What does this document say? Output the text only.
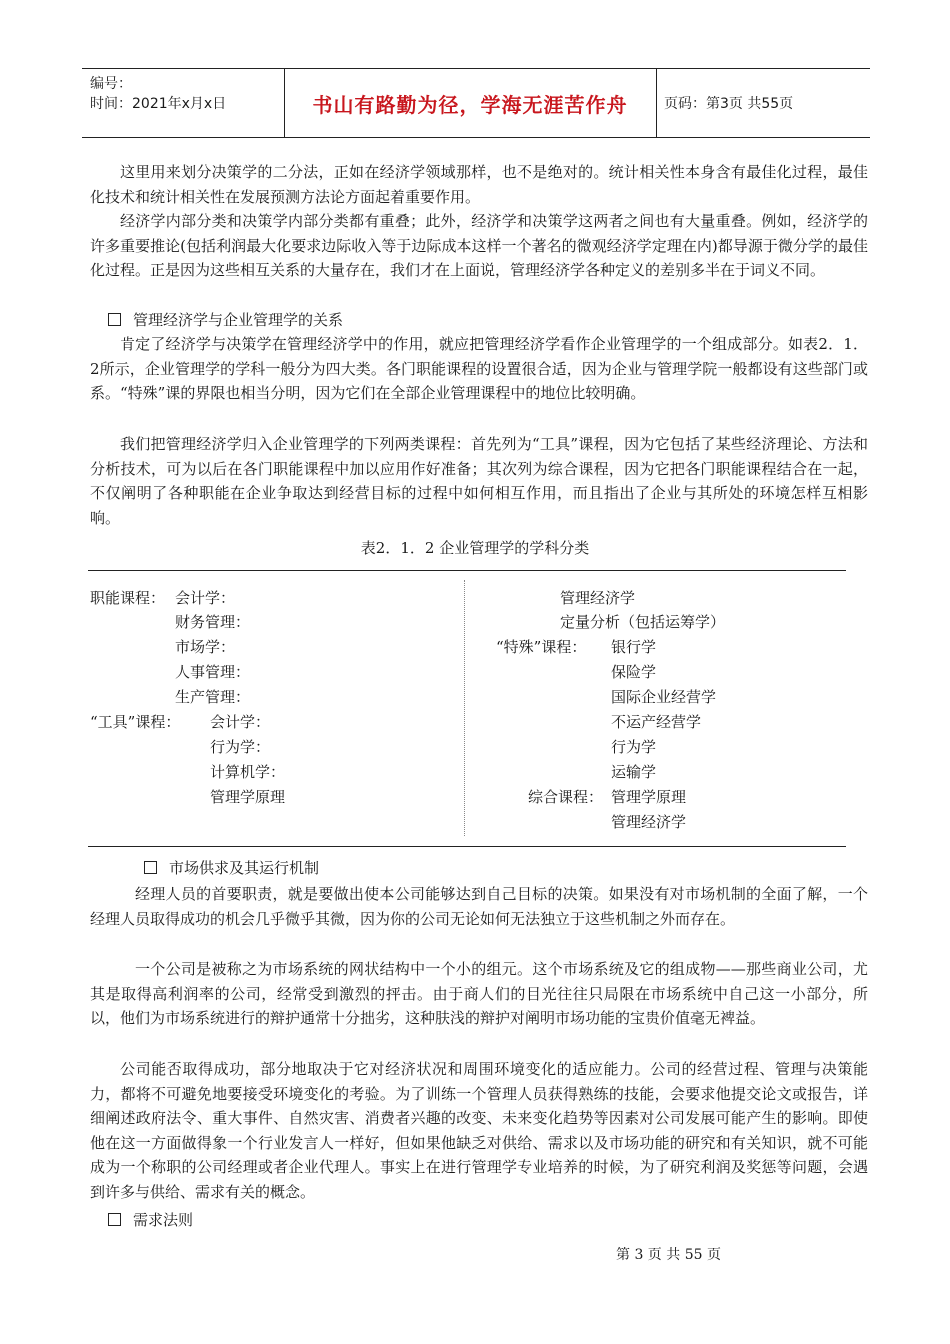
编号：
时间：2021年x月x日	书山有路勤为径，学海无涯苦作舟	页码：第3页 共55页

这里用来划分决策学的二分法，正如在经济学领域那样，也不是绝对的。统计相关性本身含有最佳化过程，最佳化技术和统计相关性在发展预测方法论方面起着重要作用。

经济学内部分类和决策学内部分类都有重叠；此外，经济学和决策学这两者之间也有大量重叠。例如，经济学的许多重要推论(包括利润最大化要求边际收入等于边际成本这样一个著名的微观经济学定理在内)都导源于微分学的最佳化过程。正是因为这些相互关系的大量存在，我们才在上面说，管理经济学各种定义的差别多半在于词义不同。

管理经济学与企业管理学的关系

肯定了经济学与决策学在管理经济学中的作用，就应把管理经济学看作企业管理学的一个组成部分。如表2．1．2所示，企业管理学的学科一般分为四大类。各门职能课程的设置很合适，因为企业与管理学院一般都设有这些部门或系。“特殊”课的界限也相当分明，因为它们在全部企业管理课程中的地位比较明确。

我们把管理经济学归入企业管理学的下列两类课程：首先列为“工具”课程，因为它包括了某些经济理论、方法和分析技术，可为以后在各门职能课程中加以应用作好准备；其次列为综合课程，因为它把各门职能课程结合在一起，不仅阐明了各种职能在企业争取达到经营目标的过程中如何相互作用，而且指出了企业与其所处的环境怎样互相影响。

表2．1．2 企业管理学的学科分类
职能课程： 会计学：
财务管理：
市场学：
人事管理：
生产管理：
“工具”课程： 会计学：
行为学：
计算机学：
管理学原理
管理经济学
定量分析（包括运筹学）
“特殊”课程： 银行学
保险学
国际企业经营学
不运产经营学
行为学
运输学
综合课程： 管理学原理
管理经济学

市场供求及其运行机制

经理人员的首要职责，就是要做出使本公司能够达到自己目标的决策。如果没有对市场机制的全面了解，一个经理人员取得成功的机会几乎微乎其微，因为你的公司无论如何无法独立于这些机制之外而存在。

一个公司是被称之为市场系统的网状结构中一个小的组元。这个市场系统及它的组成物——那些商业公司，尤其是取得高利润率的公司，经常受到激烈的抨击。由于商人们的目光往往只局限在市场系统中自己这一小部分，所以，他们为市场系统进行的辩护通常十分拙劣，这种肤浅的辩护对阐明市场功能的宝贵价值毫无裨益。

公司能否取得成功，部分地取决于它对经济状况和周围环境变化的适应能力。公司的经营过程、管理与决策能力，都将不可避免地要接受环境变化的考验。为了训练一个管理人员获得熟练的技能，会要求他提交论文或报告，详细阐述政府法令、重大事件、自然灾害、消费者兴趣的改变、未来变化趋势等因素对公司发展可能产生的影响。即使他在这一方面做得象一个行业发言人一样好，但如果他缺乏对供给、需求以及市场功能的研究和有关知识，就不可能成为一个称职的公司经理或者企业代理人。事实上在进行管理学专业培养的时候，为了研究利润及奖惩等问题，会遇到许多与供给、需求有关的概念。

需求法则

第 3 页 共 55 页
